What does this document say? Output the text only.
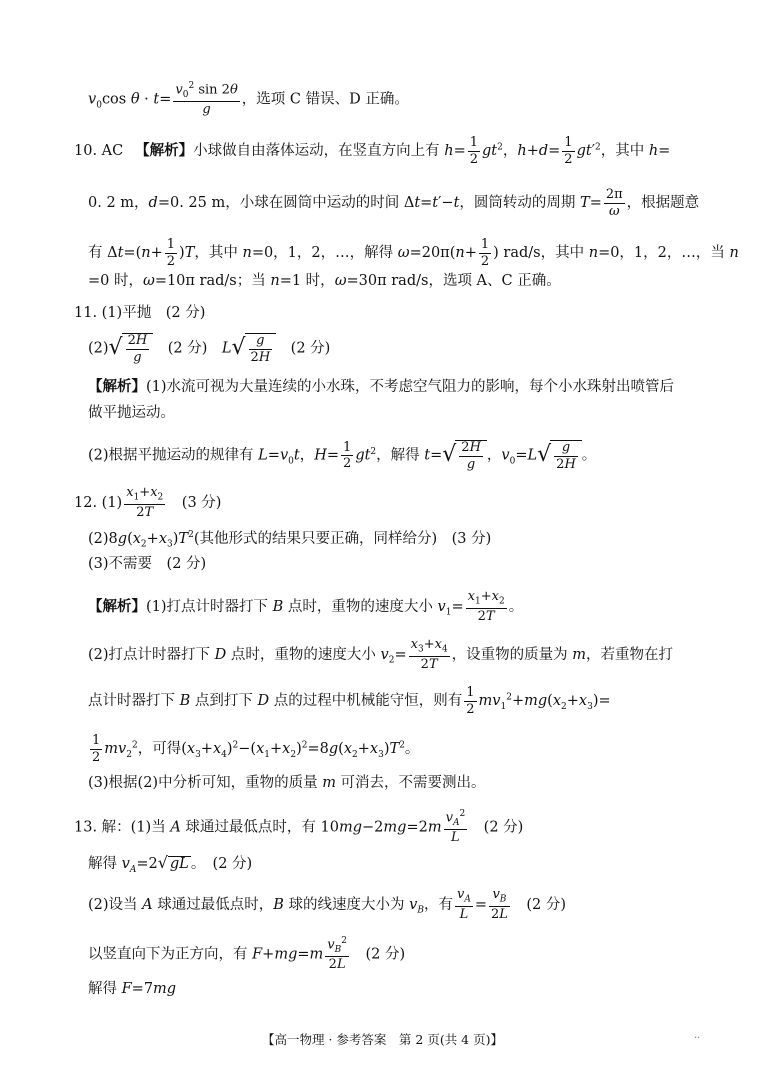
$v_0\cos$ $\theta \cdot t= \frac{v_0^2 \sin 2\theta}{g}$ ，选项 C 错误、D 正确。
10. AC 　【解析】小球做自由落体运动，在竖直方向上有 $h= \frac{1}{2} gt^2$，$h+d= \frac{1}{2} gt'^2$，其中 h=
0. 2 m，d=0. 25 m，小球在圆筒中运动的时间 Δt=t′−t，圆筒转动的周期 $T= \frac{2\pi}{\omega}$ ，根据题意
有 $\Delta t=(n+ \frac{1}{2} )T$，其中 n=0，1，2，…，解得 $\omega=20\pi(n+ \frac{1}{2}$ ) rad/s，其中 n=0，1，2，…，当 n
=0 时，ω=10π rad/s；当 n=1 时，ω=30π rad/s，选项 A、C 正确。
11. (1)平抛　(2 分)
$(2)√ \frac{2H}{g}$ 　(2 分)　$L√ \frac{g}{2H}$ 　(2 分)
【解析】(1)水流可视为大量连续的小水珠，不考虑空气阻力的影响，每个小水珠射出喷管后
做平抛运动。
(2)根据平抛运动的规律有 $L=v_0t$，$H= \frac{1}{2} gt^2$，解得 $t=√ \frac{2H}{g}$ ，$v_0=L√ \frac{g}{2H}$ 。
12. $(1) \frac{x_1+x_2}{2T}$ 　(3 分)
$(2)8g(x_2+x_3)T^2$(其他形式的结果只要正确，同样给分)　(3 分)
(3)不需要　(2 分)
【解析】(1)打点计时器打下 B 点时，重物的速度大小 $v_1= \frac{x_1+x_2}{2T}$ 。
(2)打点计时器打下 D 点时，重物的速度大小 $v_2= \frac{x_3+x_4}{2T}$ ，设重物的质量为 m，若重物在打
点计时器打下 B 点到打下 D 点的过程中机械能守恒，则有 $\frac{1}{2} mv_1^2+mg(x_2+x_3)=$
$\frac{1}{2} mv_2^2$，可得$(x_3+x_4)^2-(x_1+x_2)^2=8g(x_2+x_3)T^2$。
(3)根据(2)中分析可知，重物的质量 m 可消去，不需要测出。
13. 解：(1)当 A 球通过最低点时，有 $10mg-2mg=2m \frac{v_A^2}{L}$ 　(2 分)
解得 $v_A=2√$ gL 。　(2 分)
(2)设当 A 球通过最低点时，B 球的线速度大小为 $v_B$，有 $\frac{v_A}{L} = \frac{v_B}{2L}$ 　(2 分)
以竖直向下为正方向，有 $F+mg=m \frac{v_B^2}{2L}$ 　(2 分)
解得 F=7mg
【高一物理 · 参考答案　第 2 页(共 4 页)】	..
